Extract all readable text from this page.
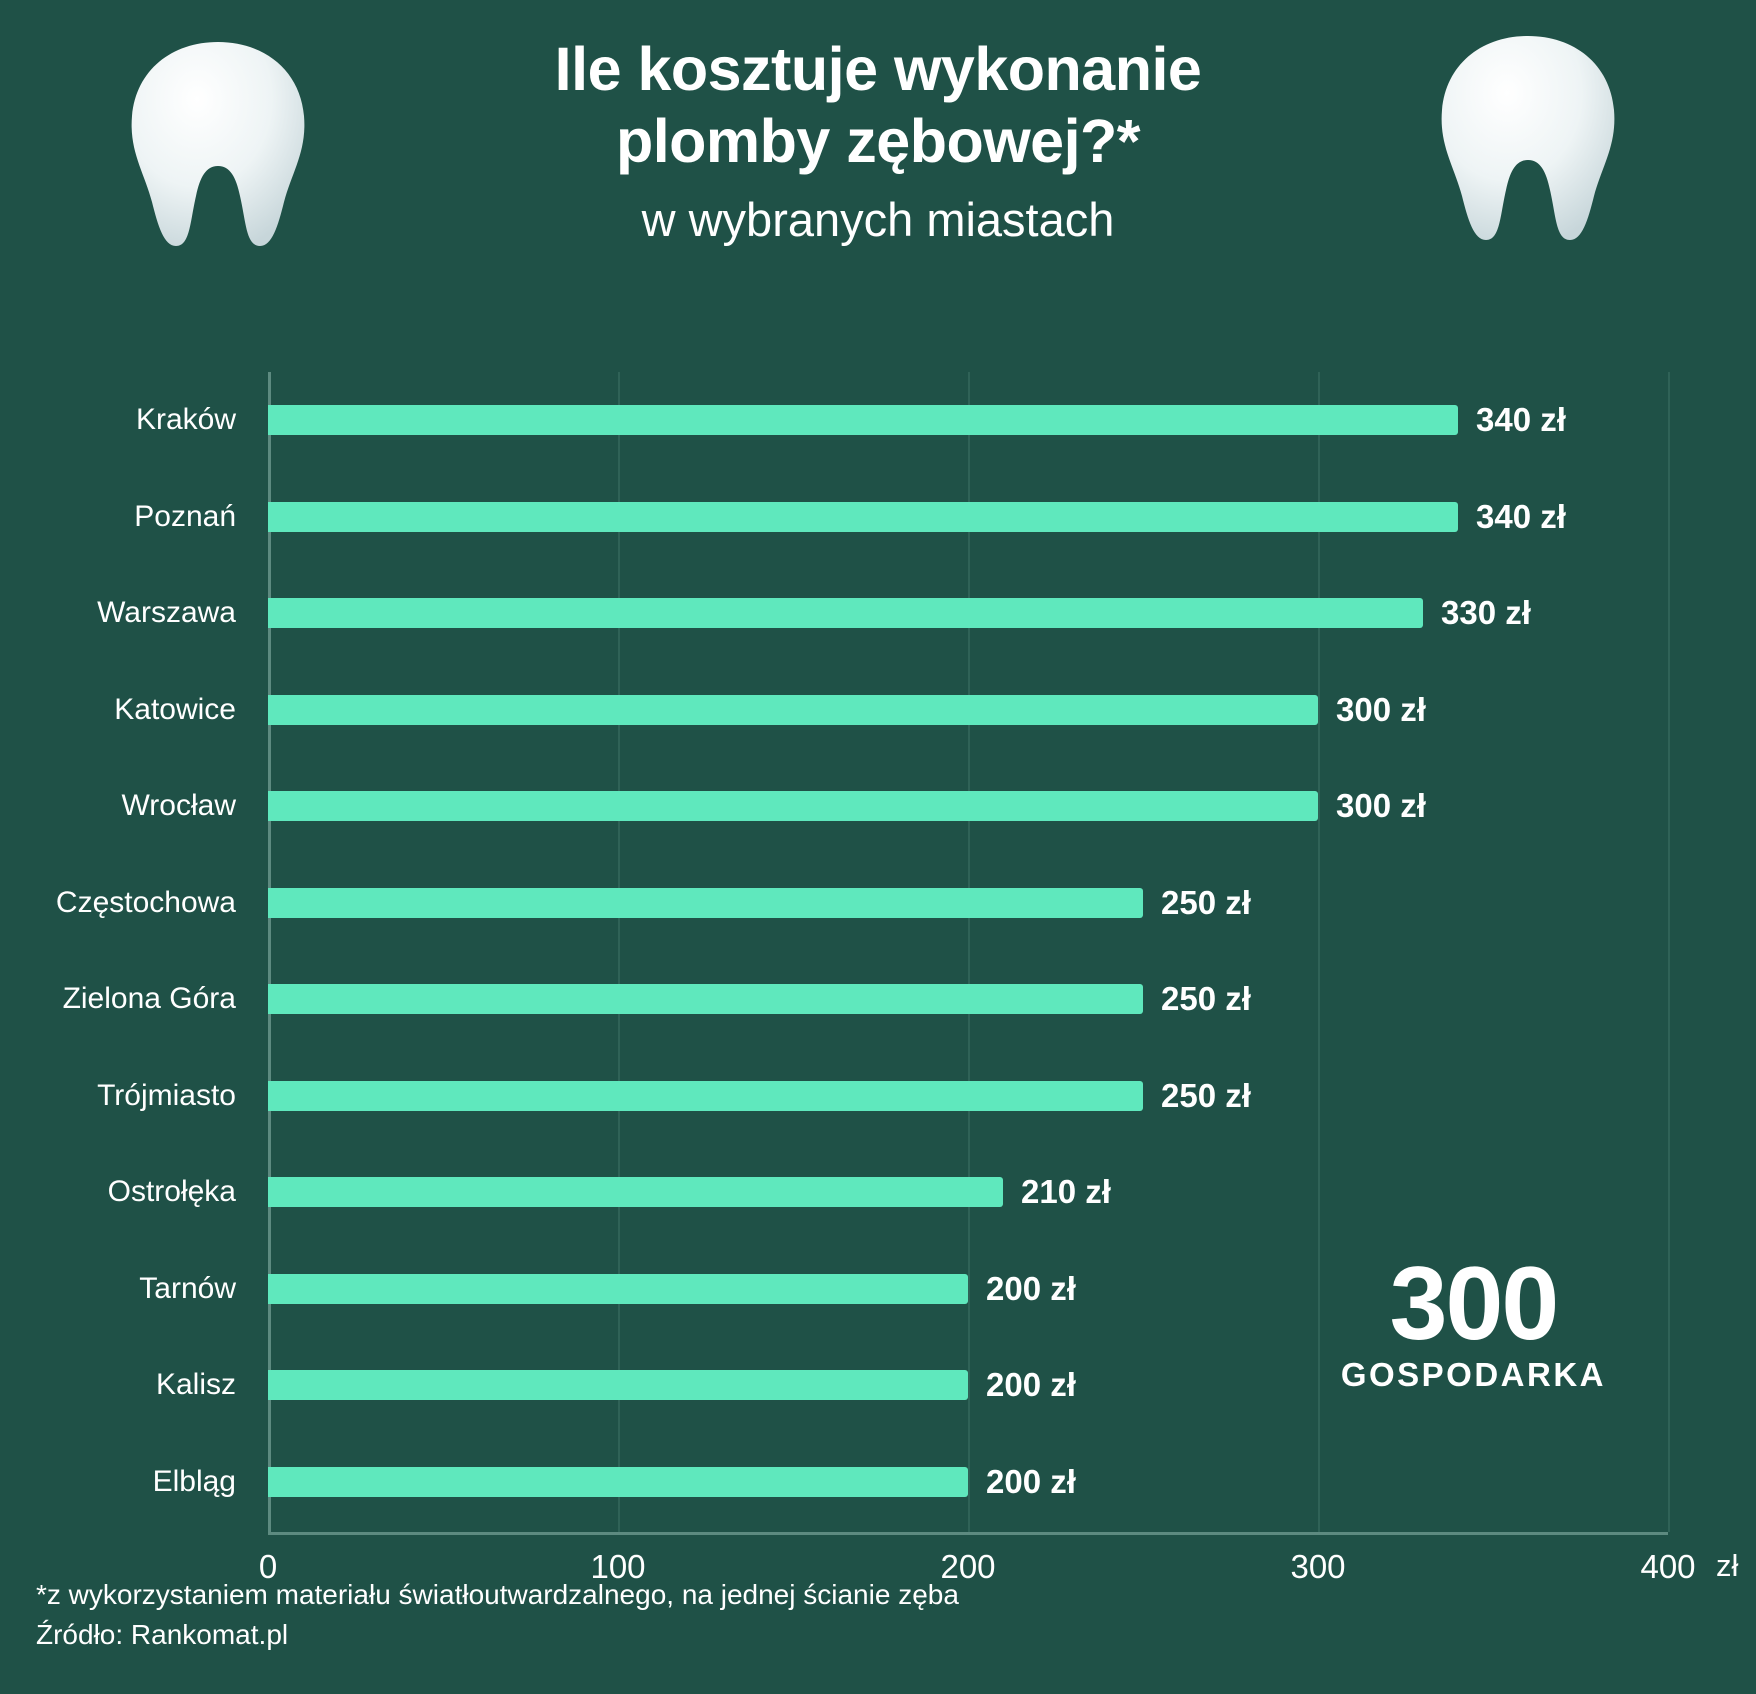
Ile kosztuje wykonanie
plomby zębowej?*
w wybranych miastach
Kraków	340 zł
Poznań	340 zł
Warszawa	330 zł
Katowice	300 zł
Wrocław	300 zł
Częstochowa	250 zł
Zielona Góra	250 zł
Trójmiasto	250 zł
Ostrołęka	210 zł
Tarnów	200 zł
Kalisz	200 zł
Elbląg	200 zł
0	100	200	300	400 zł
300
GOSPODARKA
*z wykorzystaniem materiału światłoutwardzalnego, na jednej ścianie zęba
Źródło: Rankomat.pl
